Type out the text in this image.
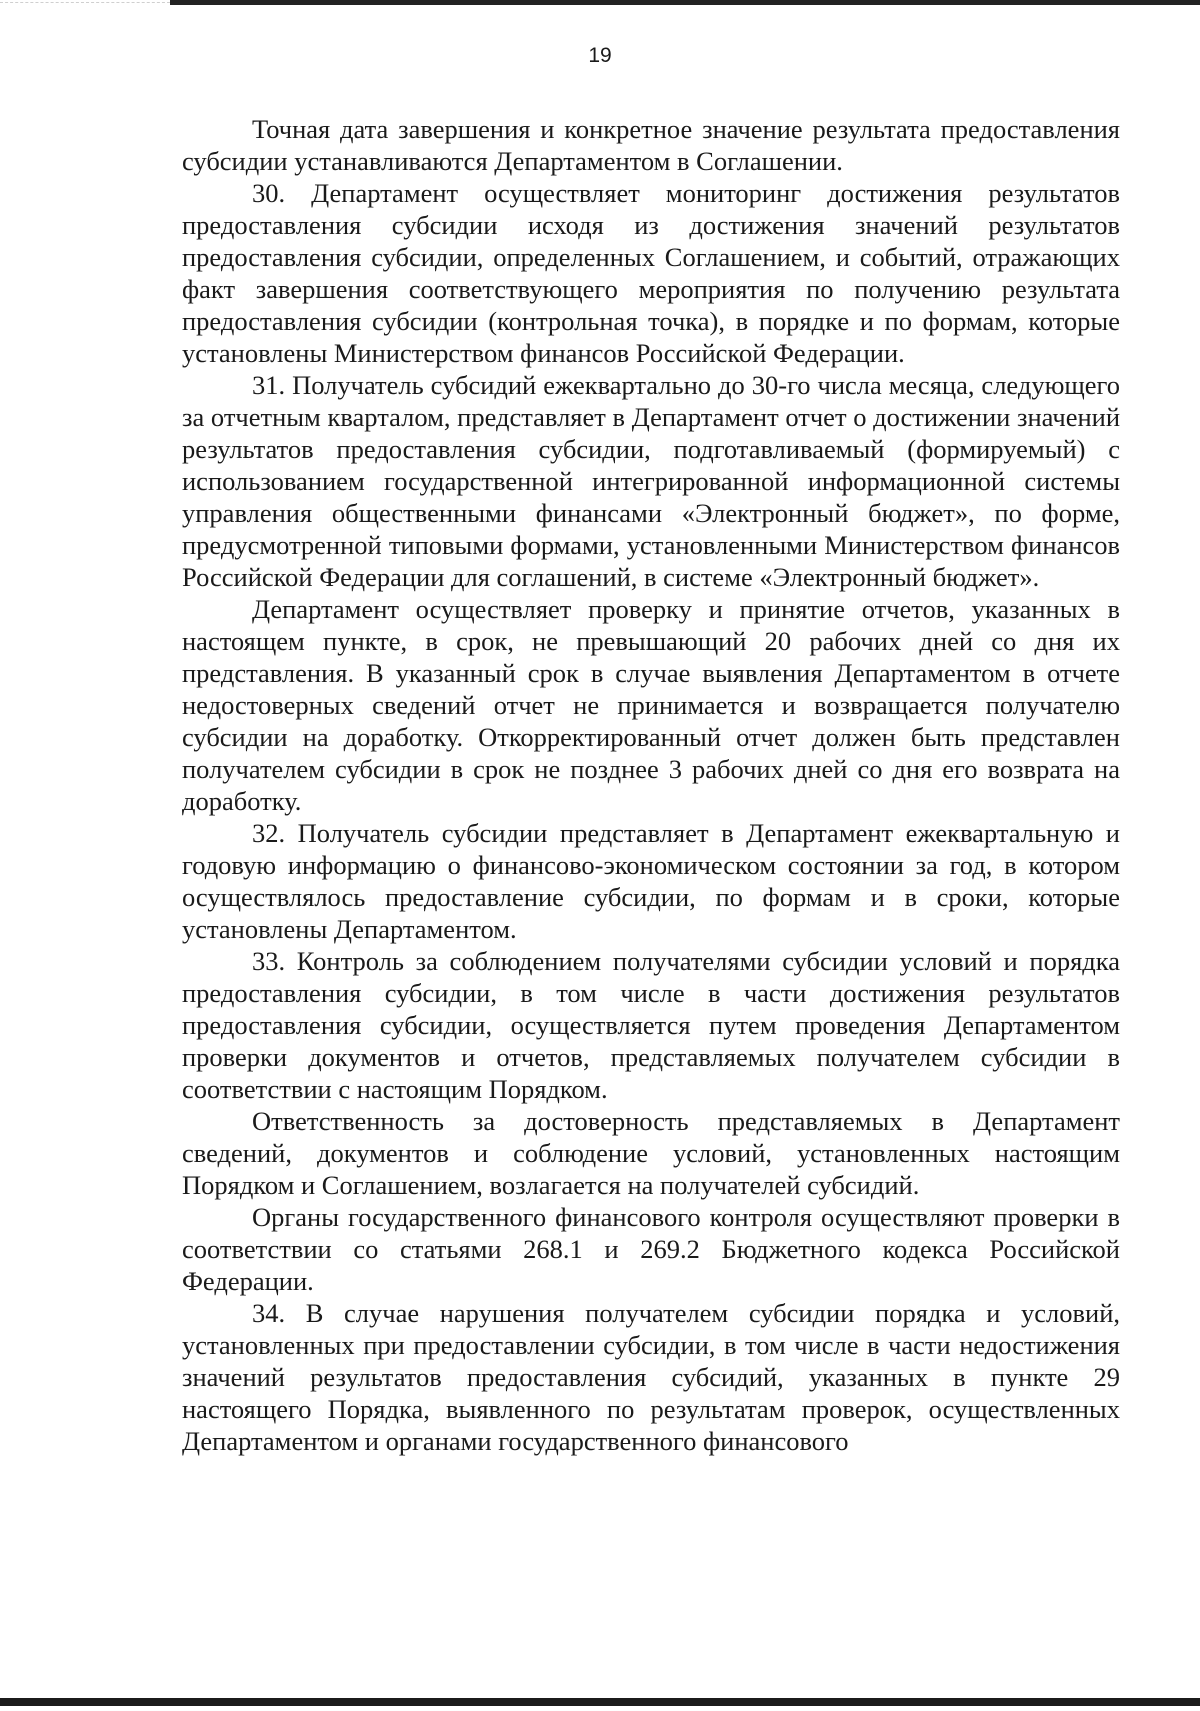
19

Точная дата завершения и конкретное значение результата предоставления субсидии устанавливаются Департаментом в Соглашении.

30. Департамент осуществляет мониторинг достижения результатов предоставления субсидии исходя из достижения значений результатов предоставления субсидии, определенных Соглашением, и событий, отражающих факт завершения соответствующего мероприятия по получению результата предоставления субсидии (контрольная точка), в порядке и по формам, которые установлены Министерством финансов Российской Федерации.

31. Получатель субсидий ежеквартально до 30-го числа месяца, следующего за отчетным кварталом, представляет в Департамент отчет о достижении значений результатов предоставления субсидии, подготавливаемый (формируемый) с использованием государственной интегрированной информационной системы управления общественными финансами «Электронный бюджет», по форме, предусмотренной типовыми формами, установленными Министерством финансов Российской Федерации для соглашений, в системе «Электронный бюджет».

Департамент осуществляет проверку и принятие отчетов, указанных в настоящем пункте, в срок, не превышающий 20 рабочих дней со дня их представления. В указанный срок в случае выявления Департаментом в отчете недостоверных сведений отчет не принимается и возвращается получателю субсидии на доработку. Откорректированный отчет должен быть представлен получателем субсидии в срок не позднее 3 рабочих дней со дня его возврата на доработку.

32. Получатель субсидии представляет в Департамент ежеквартальную и годовую информацию о финансово-экономическом состоянии за год, в котором осуществлялось предоставление субсидии, по формам и в сроки, которые установлены Департаментом.

33. Контроль за соблюдением получателями субсидии условий и порядка предоставления субсидии, в том числе в части достижения результатов предоставления субсидии, осуществляется путем проведения Департаментом проверки документов и отчетов, представляемых получателем субсидии в соответствии с настоящим Порядком.

Ответственность за достоверность представляемых в Департамент сведений, документов и соблюдение условий, установленных настоящим Порядком и Соглашением, возлагается на получателей субсидий.

Органы государственного финансового контроля осуществляют проверки в соответствии со статьями 268.1 и 269.2 Бюджетного кодекса Российской Федерации.

34. В случае нарушения получателем субсидии порядка и условий, установленных при предоставлении субсидии, в том числе в части недостижения значений результатов предоставления субсидий, указанных в пункте 29 настоящего Порядка, выявленного по результатам проверок, осуществленных Департаментом и органами государственного финансового
